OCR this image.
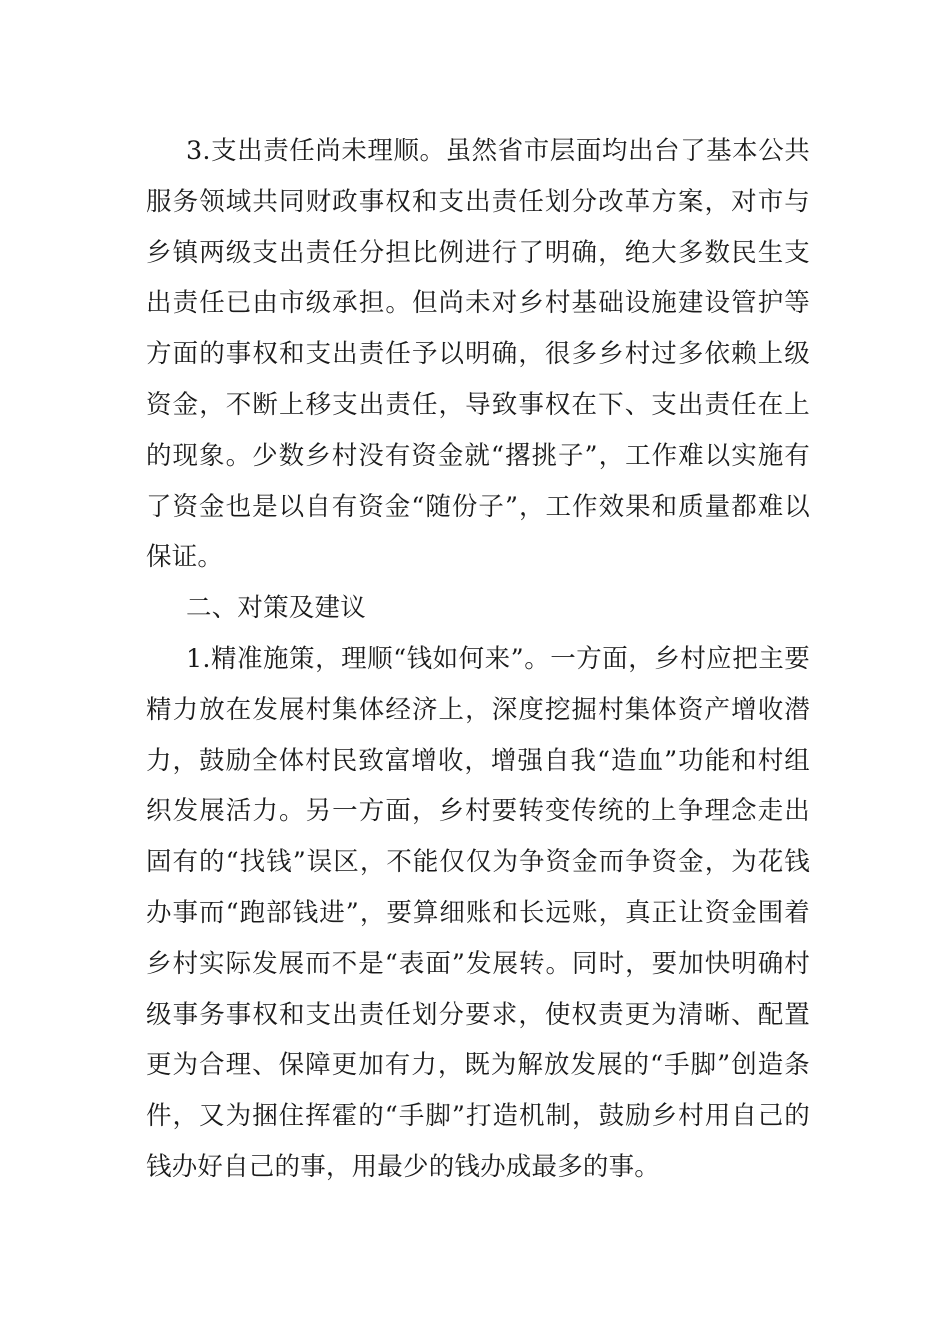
3.支出责任尚未理顺。虽然省市层面均出台了基本公共服务领域共同财政事权和支出责任划分改革方案，对市与乡镇两级支出责任分担比例进行了明确，绝大多数民生支出责任已由市级承担。但尚未对乡村基础设施建设管护等方面的事权和支出责任予以明确，很多乡村过多依赖上级资金，不断上移支出责任，导致事权在下、支出责任在上的现象。少数乡村没有资金就“撂挑子”，工作难以实施有了资金也是以自有资金“随份子”，工作效果和质量都难以保证。

二、对策及建议

1.精准施策，理顺“钱如何来”。一方面，乡村应把主要精力放在发展村集体经济上，深度挖掘村集体资产增收潜力，鼓励全体村民致富增收，增强自我“造血”功能和村组织发展活力。另一方面，乡村要转变传统的上争理念走出固有的“找钱”误区，不能仅仅为争资金而争资金，为花钱办事而“跑部钱进”，要算细账和长远账，真正让资金围着乡村实际发展而不是“表面”发展转。同时，要加快明确村级事务事权和支出责任划分要求，使权责更为清晰、配置更为合理、保障更加有力，既为解放发展的“手脚”创造条件，又为捆住挥霍的“手脚”打造机制，鼓励乡村用自己的钱办好自己的事，用最少的钱办成最多的事。
